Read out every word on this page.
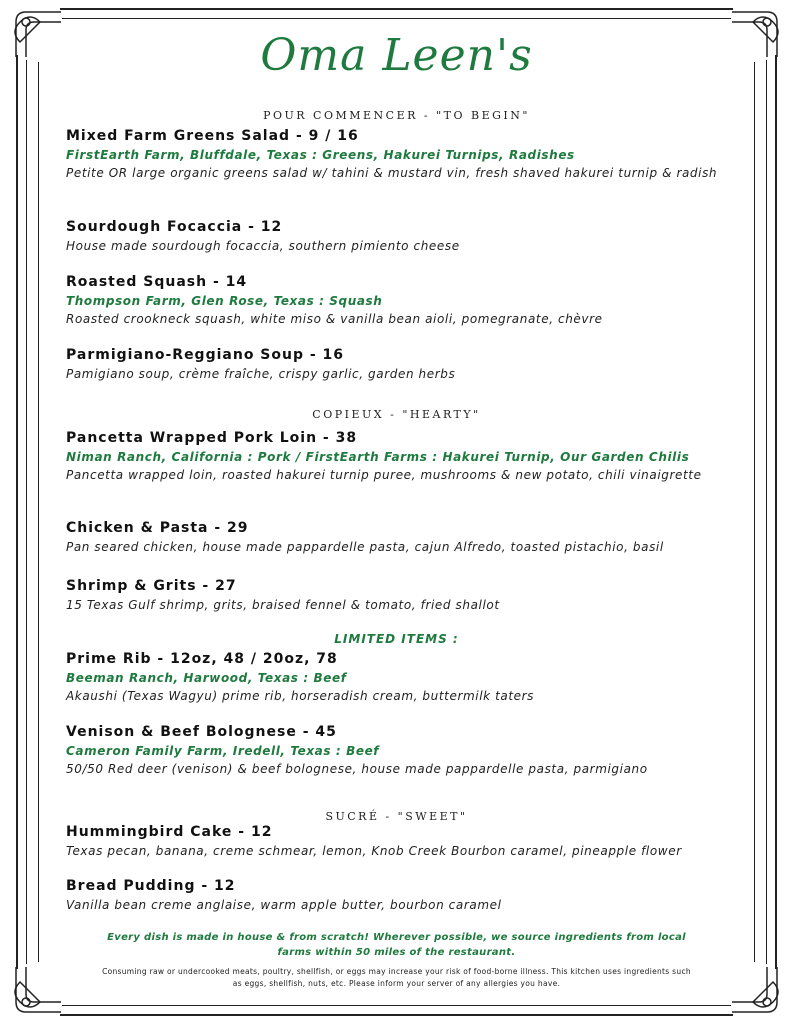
Oma Leen's
POUR COMMENCER - "TO BEGIN"
Mixed Farm Greens Salad - 9 / 16
FirstEarth Farm, Bluffdale, Texas : Greens, Hakurei Turnips, Radishes
Petite OR large organic greens salad w/ tahini & mustard vin, fresh shaved hakurei turnip & radish
Sourdough Focaccia - 12
House made sourdough focaccia, southern pimiento cheese
Roasted Squash - 14
Thompson Farm, Glen Rose, Texas : Squash
Roasted crookneck squash, white miso & vanilla bean aioli, pomegranate, chèvre
Parmigiano-Reggiano Soup - 16
Pamigiano soup, crème fraîche, crispy garlic, garden herbs
COPIEUX - "HEARTY"
Pancetta Wrapped Pork Loin - 38
Niman Ranch, California : Pork / FirstEarth Farms : Hakurei Turnip, Our Garden Chilis
Pancetta wrapped loin, roasted hakurei turnip puree, mushrooms & new potato, chili vinaigrette
Chicken & Pasta - 29
Pan seared chicken, house made pappardelle pasta, cajun Alfredo, toasted pistachio, basil
Shrimp & Grits - 27
15 Texas Gulf shrimp, grits, braised fennel & tomato, fried shallot
LIMITED ITEMS :
Prime Rib - 12oz, 48 / 20oz, 78
Beeman Ranch, Harwood, Texas : Beef
Akaushi (Texas Wagyu) prime rib, horseradish cream, buttermilk taters
Venison & Beef Bolognese - 45
Cameron Family Farm, Iredell, Texas : Beef
50/50 Red deer (venison) & beef bolognese, house made pappardelle pasta, parmigiano
SUCRÉ - "SWEET"
Hummingbird Cake - 12
Texas pecan, banana, creme schmear, lemon, Knob Creek Bourbon caramel, pineapple flower
Bread Pudding - 12
Vanilla bean creme anglaise, warm apple butter, bourbon caramel
Every dish is made in house & from scratch! Wherever possible, we source ingredients from local farms within 50 miles of the restaurant.
Consuming raw or undercooked meats, poultry, shellfish, or eggs may increase your risk of food-borne illness. This kitchen uses ingredients such as eggs, shellfish, nuts, etc. Please inform your server of any allergies you have.
